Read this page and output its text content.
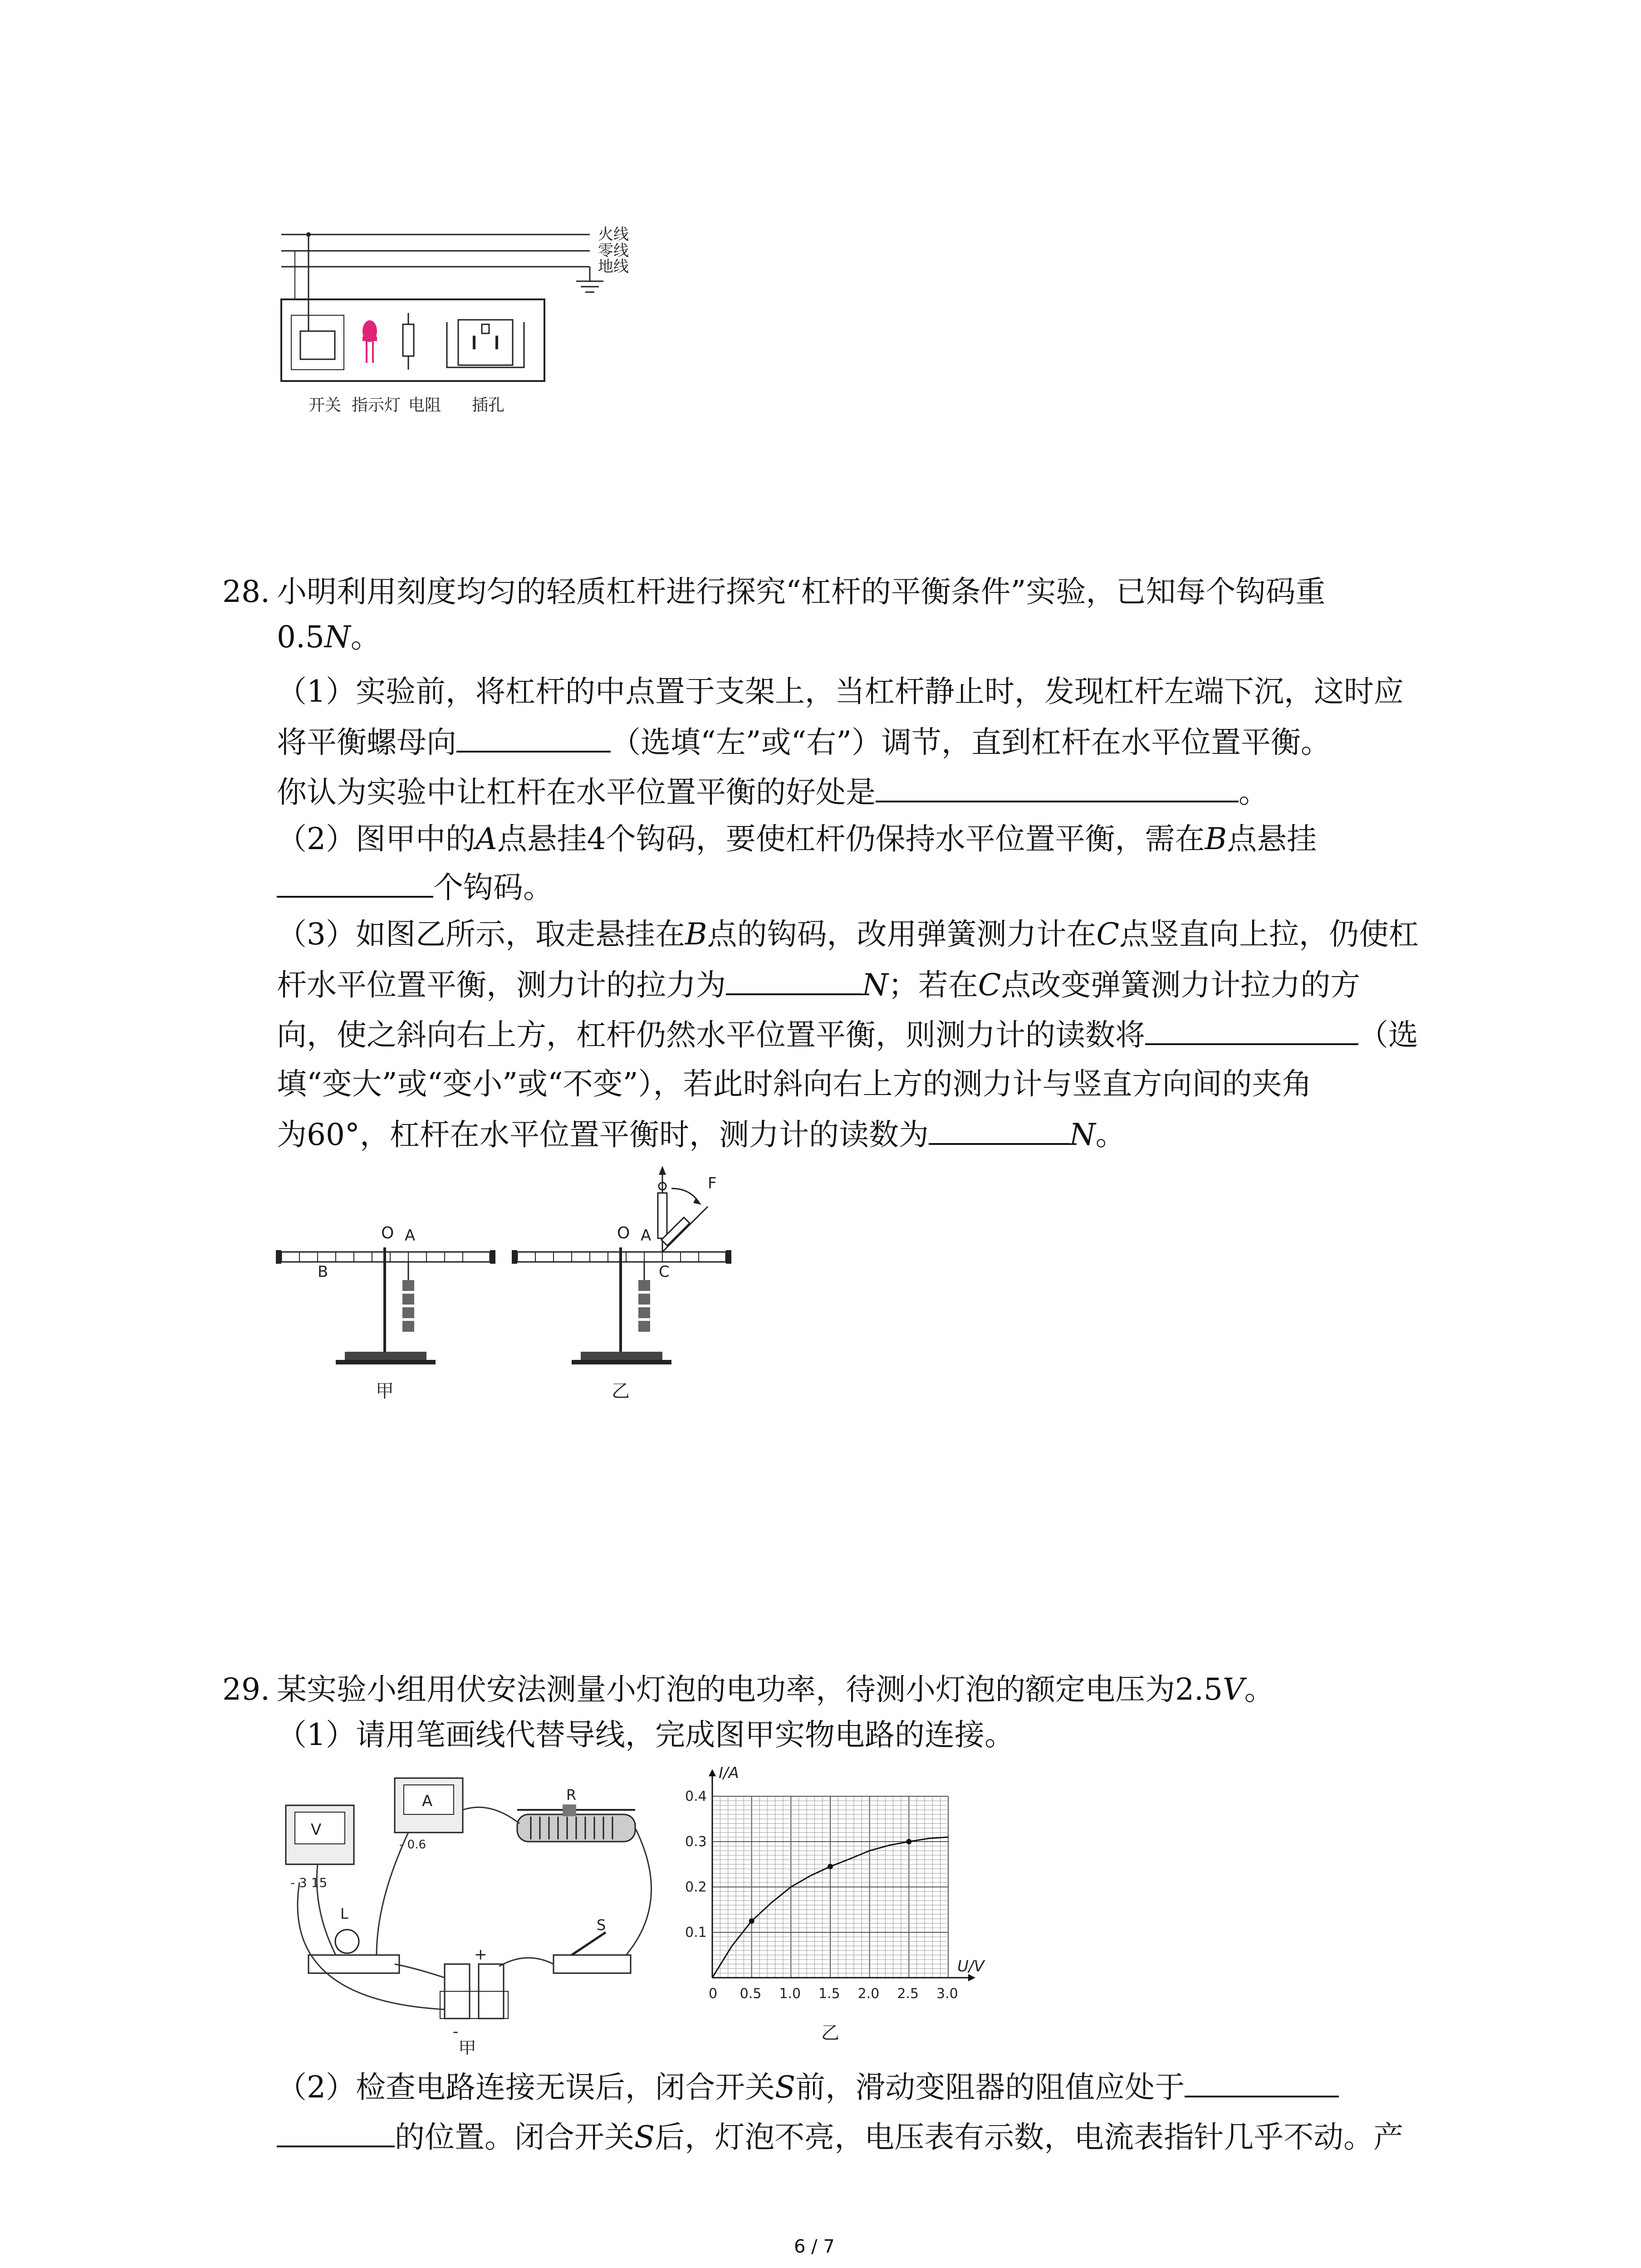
火线
零线
地线
开关 指示灯 电阻 插孔
28. 小明利用刻度均匀的轻质杠杆进行探究“杠杆的平衡条件”实验，已知每个钩码重
0.5N。
（1）实验前，将杠杆的中点置于支架上，当杠杆静止时，发现杠杆左端下沉，这时应
将平衡螺母向	（选填“左”或“右”）调节，直到杠杆在水平位置平衡。
你认为实验中让杠杆在水平位置平衡的好处是	。
（2）图甲中的A点悬挂4个钩码，要使杠杆仍保持水平位置平衡，需在B点悬挂
个钩码。
（3）如图乙所示，取走悬挂在B点的钩码，改用弹簧测力计在C点竖直向上拉，仍使杠
杆水平位置平衡，测力计的拉力为	N；若在C点改变弹簧测力计拉力的方
向，使之斜向右上方，杠杆仍然水平位置平衡，则测力计的读数将	（选
填“变大”或“变小”或“不变”），若此时斜向右上方的测力计与竖直方向间的夹角
为60°，杠杆在水平位置平衡时，测力计的读数为	N。
O A
B
甲
O A
C
F
乙
29. 某实验小组用伏安法测量小灯泡的电功率，待测小灯泡的额定电压为2.5V。
（1）请用笔画线代替导线，完成图甲实物电路的连接。
V
- 3 15
A
- 0.6
R
L
+
-
S
甲
0 0.5 1.0 1.5 2.0 2.5 3.0
0.1
0.2
0.3
0.4
I/A
U/V
乙
（2）检查电路连接无误后，闭合开关S前，滑动变阻器的阻值应处于
的位置。闭合开关S后，灯泡不亮，电压表有示数，电流表指针几乎不动。产
6 / 7
